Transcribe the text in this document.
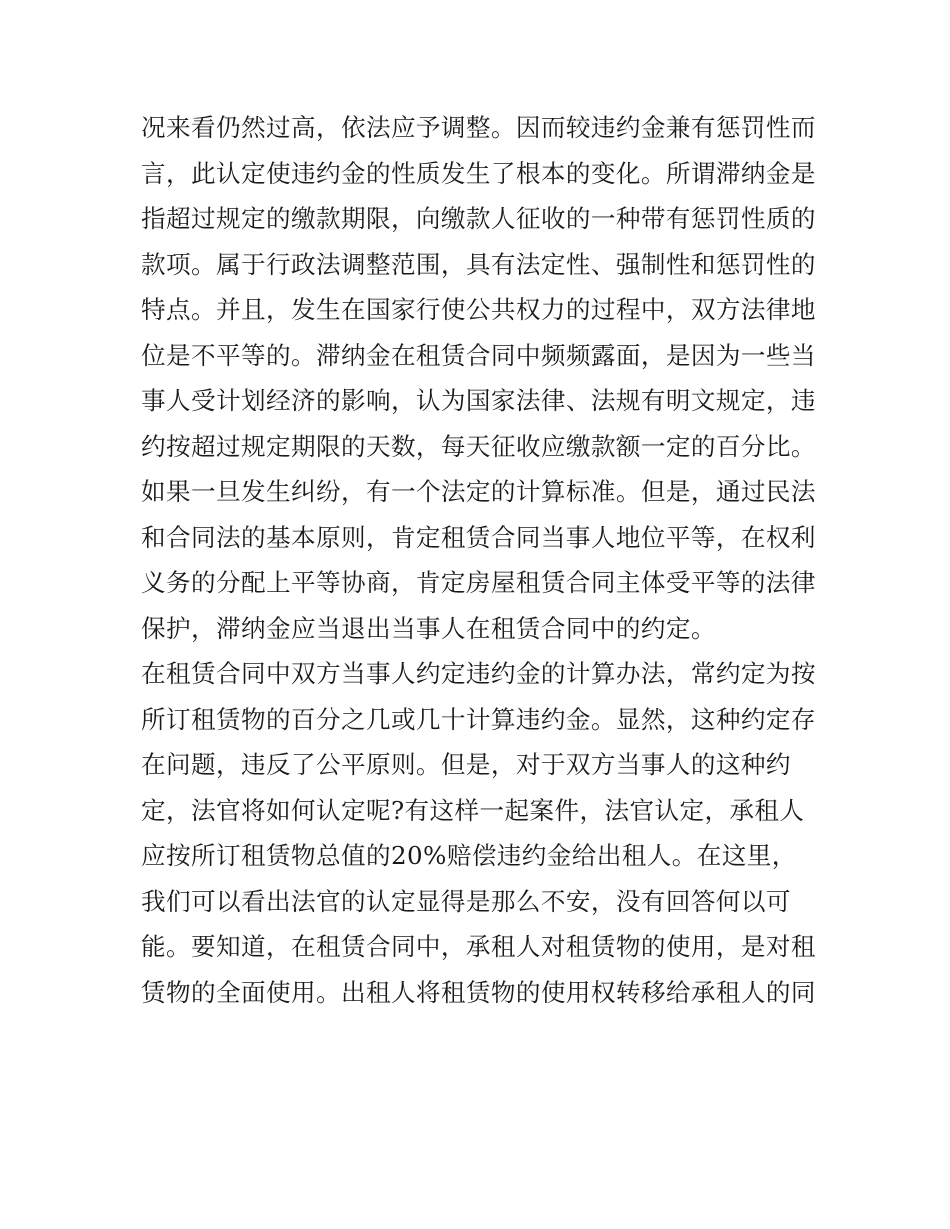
况来看仍然过高，依法应予调整。因而较违约金兼有惩罚性而
言，此认定使违约金的性质发生了根本的变化。所谓滞纳金是
指超过规定的缴款期限，向缴款人征收的一种带有惩罚性质的
款项。属于行政法调整范围，具有法定性、强制性和惩罚性的
特点。并且，发生在国家行使公共权力的过程中，双方法律地
位是不平等的。滞纳金在租赁合同中频频露面，是因为一些当
事人受计划经济的影响，认为国家法律、法规有明文规定，违
约按超过规定期限的天数，每天征收应缴款额一定的百分比。
如果一旦发生纠纷，有一个法定的计算标准。但是，通过民法
和合同法的基本原则，肯定租赁合同当事人地位平等，在权利
义务的分配上平等协商，肯定房屋租赁合同主体受平等的法律
保护，滞纳金应当退出当事人在租赁合同中的约定。
在租赁合同中双方当事人约定违约金的计算办法，常约定为按
所订租赁物的百分之几或几十计算违约金。显然，这种约定存
在问题，违反了公平原则。但是，对于双方当事人的这种约
定，法官将如何认定呢?有这样一起案件，法官认定，承租人
应按所订租赁物总值的20%赔偿违约金给出租人。在这里，
我们可以看出法官的认定显得是那么不安，没有回答何以可
能。要知道，在租赁合同中，承租人对租赁物的使用，是对租
赁物的全面使用。出租人将租赁物的使用权转移给承租人的同
